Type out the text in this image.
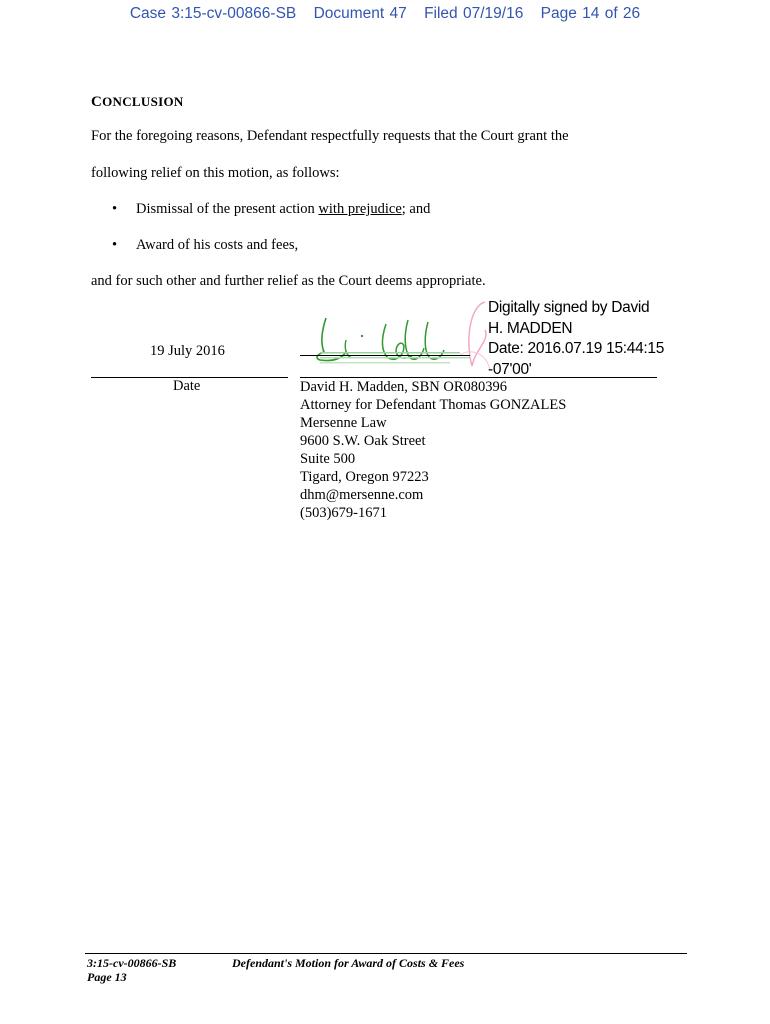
Case 3:15-cv-00866-SB Document 47 Filed 07/19/16 Page 14 of 26
CONCLUSION
For the foregoing reasons, Defendant respectfully requests that the Court grant the
following relief on this motion, as follows:
• Dismissal of the present action with prejudice; and
• Award of his costs and fees,
and for such other and further relief as the Court deems appropriate.
Digitally signed by David
H. MADDEN
Date: 2016.07.19 15:44:15
-07'00'
19 July 2016
Date	David H. Madden, SBN OR080396
Attorney for Defendant Thomas GONZALES
Mersenne Law
9600 S.W. Oak Street
Suite 500
Tigard, Oregon 97223
dhm@mersenne.com
(503)679-1671
3:15-cv-00866-SB
Page 13
Defendant's Motion for Award of Costs & Fees
